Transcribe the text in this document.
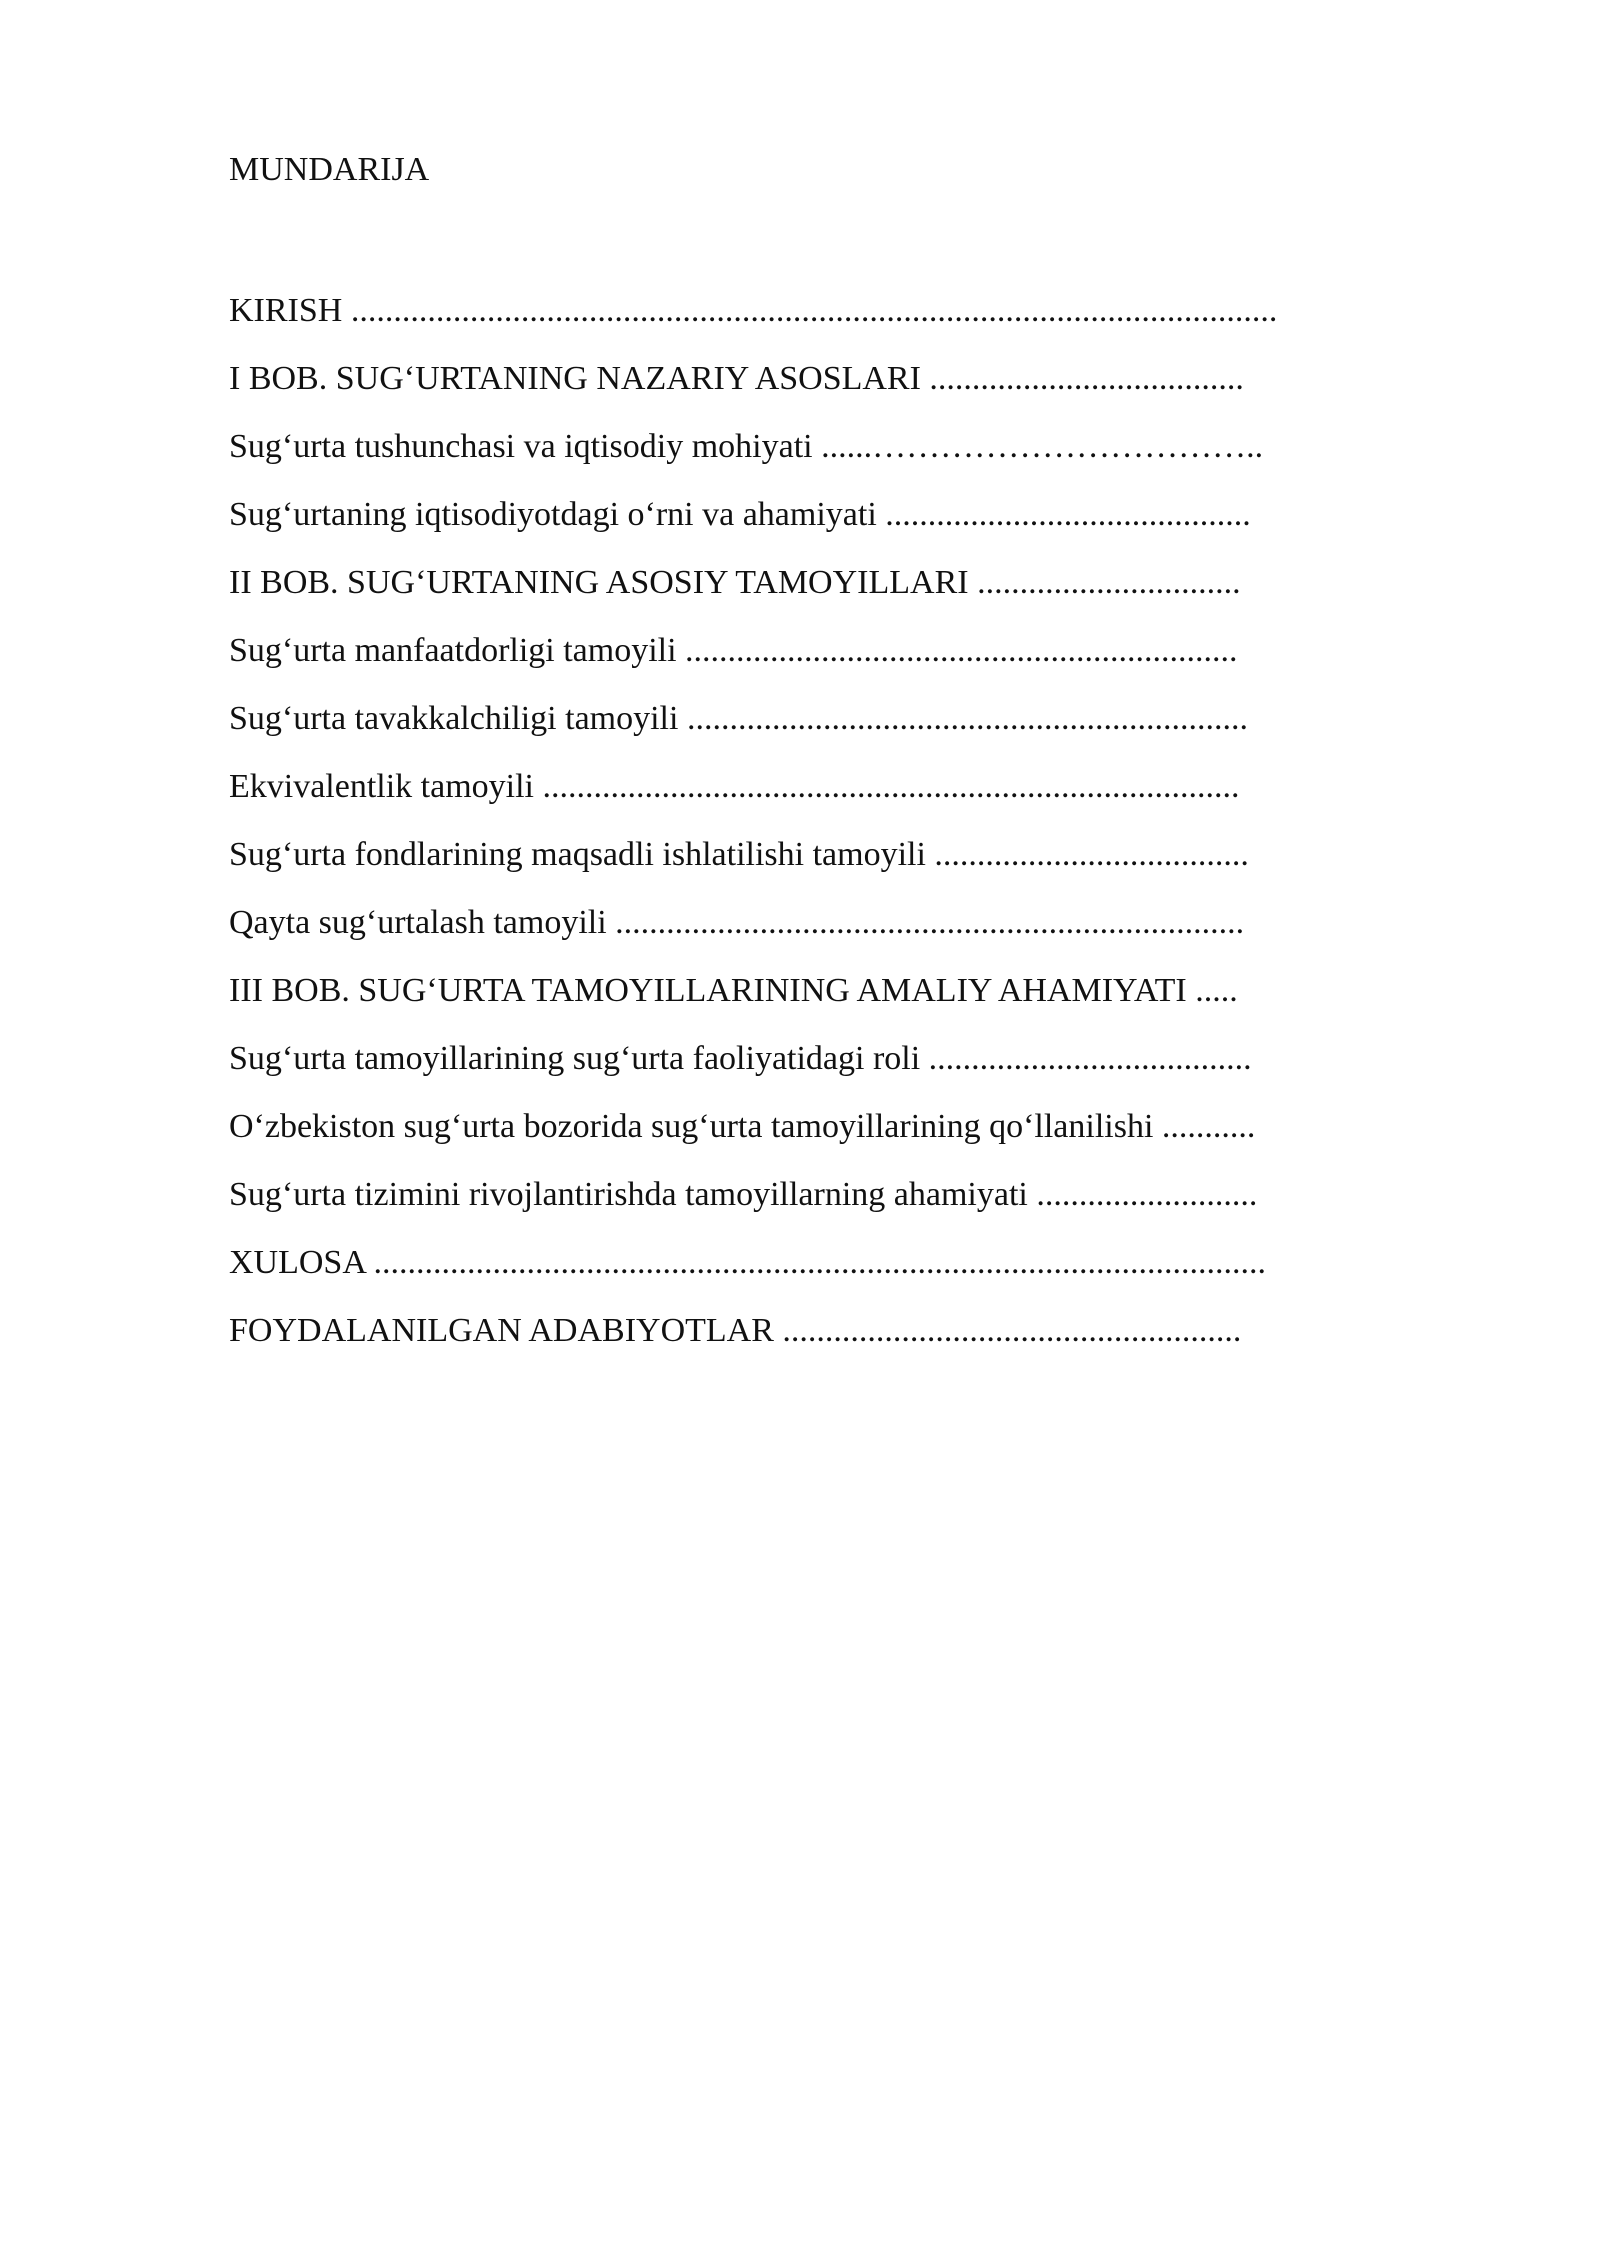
MUNDARIJA
KIRISH .............................................................................................................
I BOB. SUG‘URTANING NAZARIY ASOSLARI .....................................
Sug‘urta tushunchasi va iqtisodiy mohiyati ......……………………………..
Sug‘urtaning iqtisodiyotdagi o‘rni va ahamiyati ...........................................
II BOB. SUG‘URTANING ASOSIY TAMOYILLARI ...............................
Sug‘urta manfaatdorligi tamoyili .................................................................
Sug‘urta tavakkalchiligi tamoyili ..................................................................
Ekvivalentlik tamoyili ..................................................................................
Sug‘urta fondlarining maqsadli ishlatilishi tamoyili .....................................
Qayta sug‘urtalash tamoyili ..........................................................................
III BOB. SUG‘URTA TAMOYILLARINING AMALIY AHAMIYATI .....
Sug‘urta tamoyillarining sug‘urta faoliyatidagi roli ......................................
O‘zbekiston sug‘urta bozorida sug‘urta tamoyillarining qo‘llanilishi ...........
Sug‘urta tizimini rivojlantirishda tamoyillarning ahamiyati ..........................
XULOSA .........................................................................................................
FOYDALANILGAN ADABIYOTLAR ......................................................
